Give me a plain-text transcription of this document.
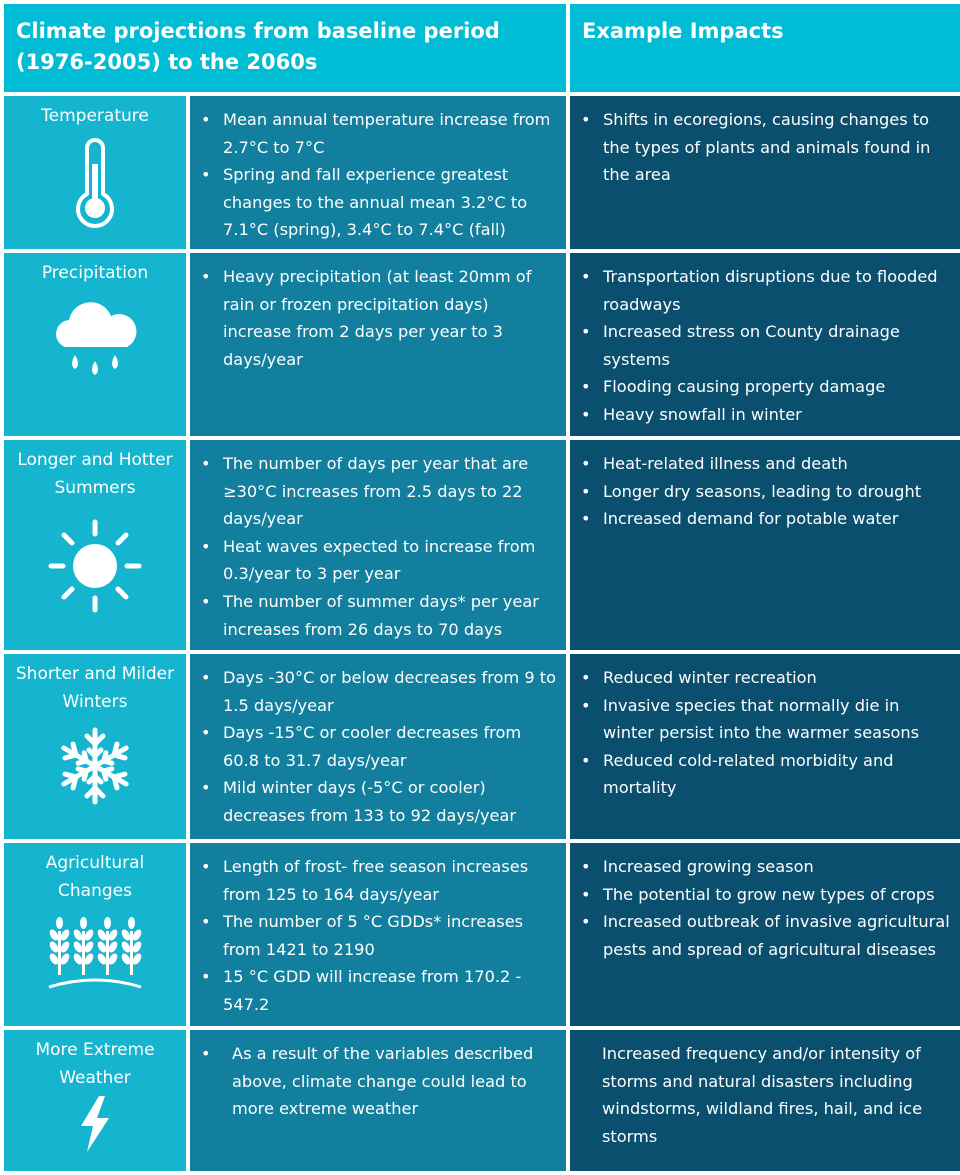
Climate projections from baseline period (1976-2005) to the 2060s
Example Impacts
Temperature	• Mean annual temperature increase from 2.7°C to 7°C
• Spring and fall experience greatest changes to the annual mean 3.2°C to 7.1°C (spring), 3.4°C to 7.4°C (fall)
• Shifts in ecoregions, causing changes to the types of plants and animals found in the area
Precipitation	• Heavy precipitation (at least 20mm of rain or frozen precipitation days) increase from 2 days per year to 3 days/year
• Transportation disruptions due to flooded roadways
• Increased stress on County drainage systems
• Flooding causing property damage
• Heavy snowfall in winter
Longer and Hotter Summers
• The number of days per year that are ≥30°C increases from 2.5 days to 22 days/year
• Heat waves expected to increase from 0.3/year to 3 per year
• The number of summer days* per year increases from 26 days to 70 days
• Heat-related illness and death
• Longer dry seasons, leading to drought
• Increased demand for potable water
Shorter and Milder Winters
• Days -30°C or below decreases from 9 to 1.5 days/year
• Days -15°C or cooler decreases from 60.8 to 31.7 days/year
• Mild winter days (-5°C or cooler) decreases from 133 to 92 days/year
• Reduced winter recreation
• Invasive species that normally die in winter persist into the warmer seasons
• Reduced cold-related morbidity and mortality
Agricultural Changes
• Length of frost- free season increases from 125 to 164 days/year
• The number of 5 °C GDDs* increases from 1421 to 2190
• 15 °C GDD will increase from 170.2 - 547.2
• Increased growing season
• The potential to grow new types of crops
• Increased outbreak of invasive agricultural pests and spread of agricultural diseases
More Extreme Weather
• As a result of the variables described above, climate change could lead to more extreme weather
Increased frequency and/or intensity of storms and natural disasters including windstorms, wildland fires, hail, and ice storms
